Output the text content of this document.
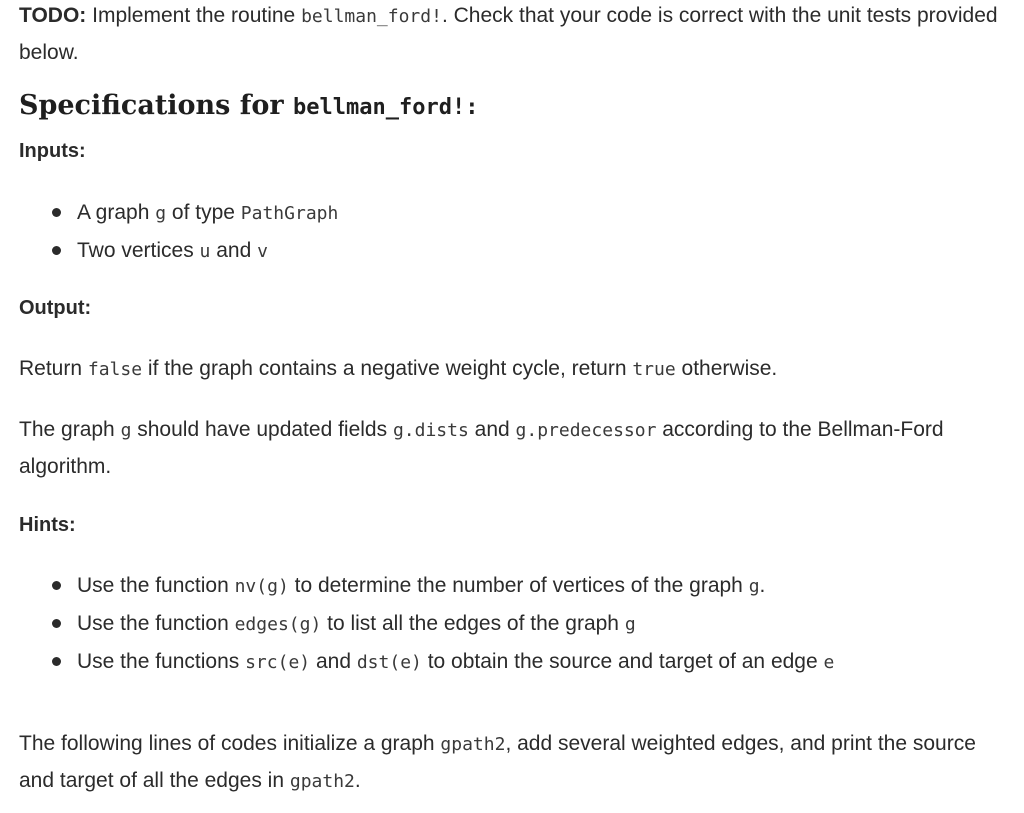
TODO: Implement the routine bellman_ford!. Check that your code is correct with the unit tests provided below.

Specifications for bellman_ford!:

Inputs:

A graph g of type PathGraph
Two vertices u and v

Output:

Return false if the graph contains a negative weight cycle, return true otherwise.

The graph g should have updated fields g.dists and g.predecessor according to the Bellman-Ford algorithm.

Hints:

Use the function nv(g) to determine the number of vertices of the graph g.
Use the function edges(g) to list all the edges of the graph g
Use the functions src(e) and dst(e) to obtain the source and target of an edge e

The following lines of codes initialize a graph gpath2, add several weighted edges, and print the source and target of all the edges in gpath2.
